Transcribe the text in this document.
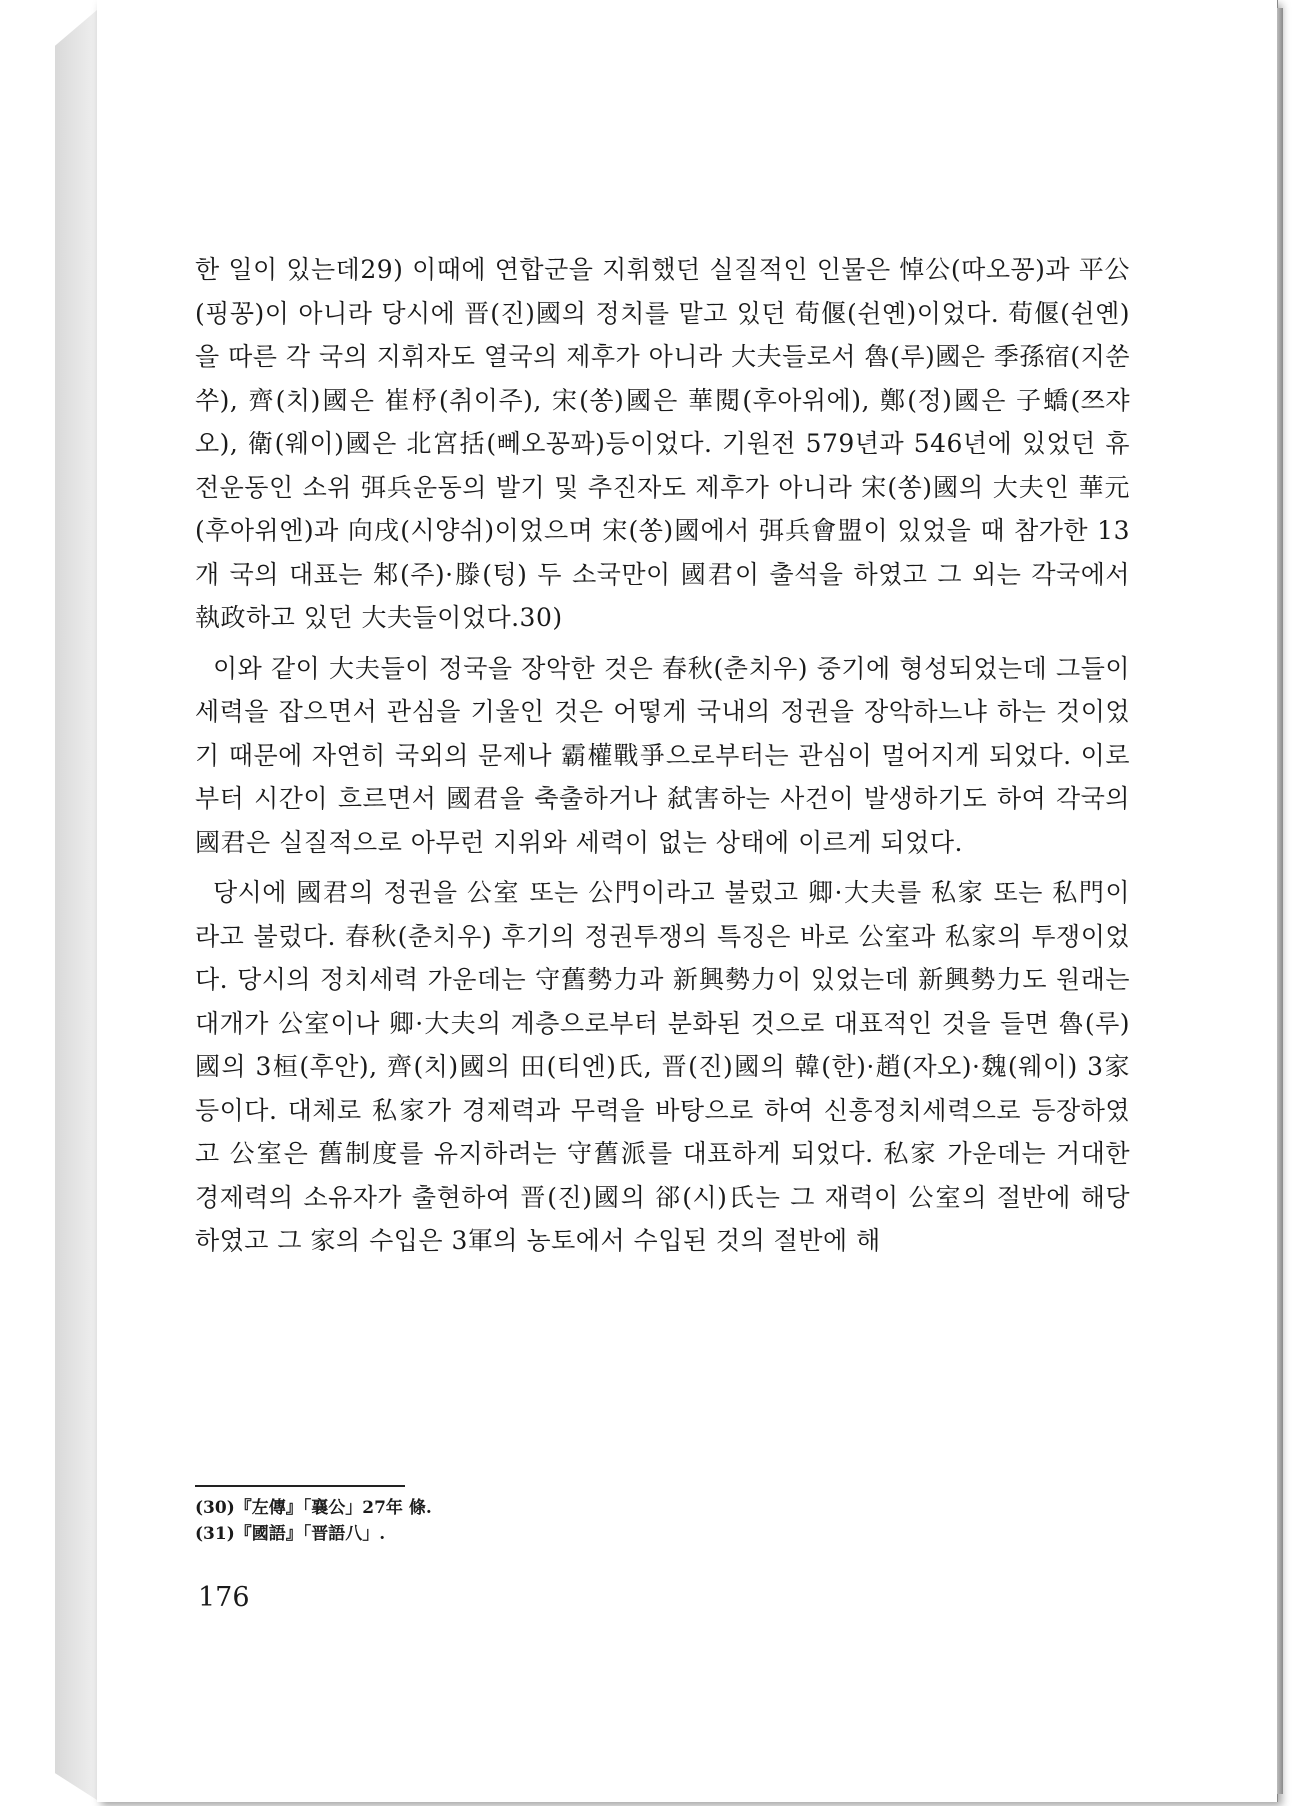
한 일이 있는데29) 이때에 연합군을 지휘했던 실질적인 인물은 悼公(따오꽁)과 平公(핑꽁)이 아니라 당시에 晋(진)國의 정치를 맡고 있던 荀偃(쉰옌)이었다. 荀偃(쉰옌)을 따른 각 국의 지휘자도 열국의 제후가 아니라 大夫들로서 魯(루)國은 季孫宿(지쑨쑤), 齊(치)國은 崔杼(취이주), 宋(쏭)國은 華閱(후아위에), 鄭(정)國은 子蟜(쯔쟈오), 衛(웨이)國은 北宮括(뻬오꽁꽈)등이었다. 기원전 579년과 546년에 있었던 휴전운동인 소위 弭兵운동의 발기 및 추진자도 제후가 아니라 宋(쏭)國의 大夫인 華元(후아위엔)과 向戌(시양쉬)이었으며 宋(쏭)國에서 弭兵會盟이 있었을 때 참가한 13개 국의 대표는 邾(주)·滕(텅) 두 소국만이 國君이 출석을 하였고 그 외는 각국에서 執政하고 있던 大夫들이었다.30)

이와 같이 大夫들이 정국을 장악한 것은 春秋(춘치우) 중기에 형성되었는데 그들이 세력을 잡으면서 관심을 기울인 것은 어떻게 국내의 정권을 장악하느냐 하는 것이었기 때문에 자연히 국외의 문제나 霸權戰爭으로부터는 관심이 멀어지게 되었다. 이로부터 시간이 흐르면서 國君을 축출하거나 弑害하는 사건이 발생하기도 하여 각국의 國君은 실질적으로 아무런 지위와 세력이 없는 상태에 이르게 되었다.

당시에 國君의 정권을 公室 또는 公門이라고 불렀고 卿·大夫를 私家 또는 私門이라고 불렀다. 春秋(춘치우) 후기의 정권투쟁의 특징은 바로 公室과 私家의 투쟁이었다. 당시의 정치세력 가운데는 守舊勢力과 新興勢力이 있었는데 新興勢力도 원래는 대개가 公室이나 卿·大夫의 계층으로부터 분화된 것으로 대표적인 것을 들면 魯(루)國의 3桓(후안), 齊(치)國의 田(티엔)氏, 晋(진)國의 韓(한)·趙(자오)·魏(웨이) 3家 등이다. 대체로 私家가 경제력과 무력을 바탕으로 하여 신흥정치세력으로 등장하였고 公室은 舊制度를 유지하려는 守舊派를 대표하게 되었다. 私家 가운데는 거대한 경제력의 소유자가 출현하여 晋(진)國의 郤(시)氏는 그 재력이 公室의 절반에 해당하였고 그 家의 수입은 3軍의 농토에서 수입된 것의 절반에 해

(30)『左傳』「襄公」27年 條.
(31)『國語』「晋語八」.
176
